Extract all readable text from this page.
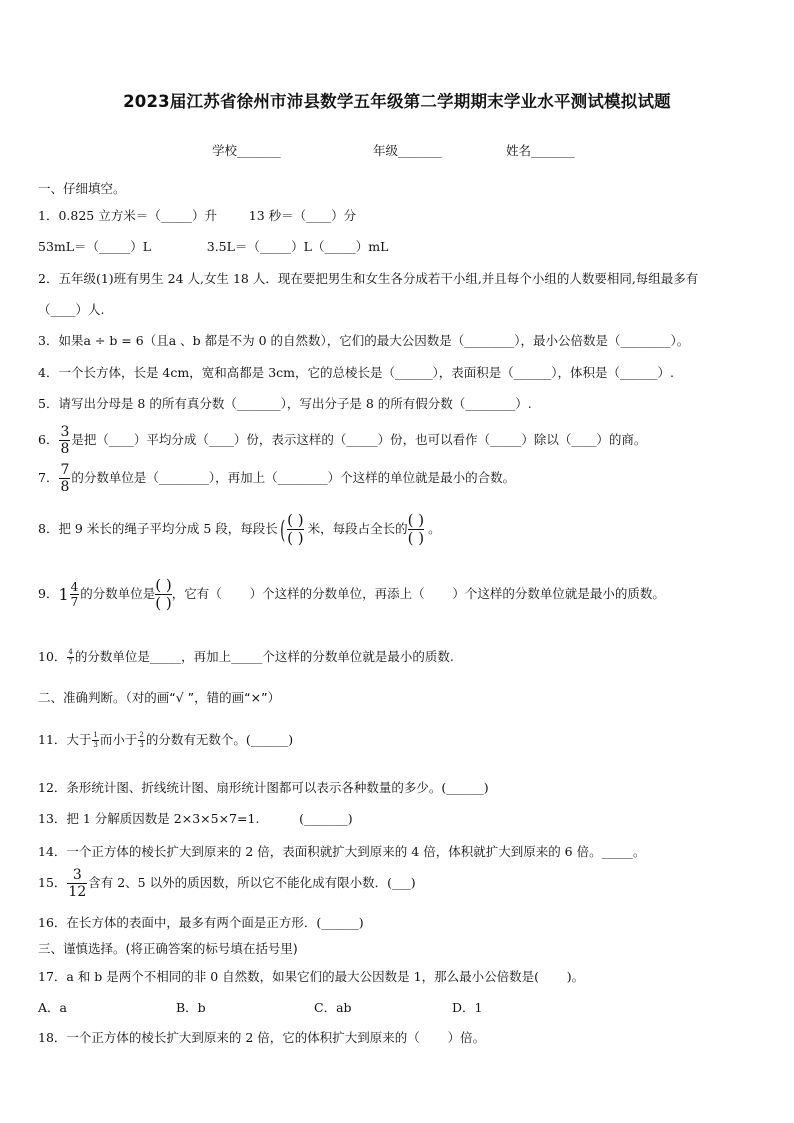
2023届江苏省徐州市沛县数学五年级第二学期期末学业水平测试模拟试题
学校_______	年级_______	姓名_______
一、仔细填空。
1．0.825 立方米＝（_____）升        13 秒＝（____）分
53mL＝（_____）L              3.5L＝（_____）L（_____）mL
2．五年级(1)班有男生 24 人,女生 18 人．现在要把男生和女生各分成若干小组,并且每个小组的人数要相同,每组最多有
（____）人.
3．如果a ÷ b = 6（且a 、b 都是不为 0 的自然数），它们的最大公因数是（________），最小公倍数是（________）。
4．一个长方体，长是 4cm，宽和高都是 3cm，它的总棱长是（______），表面积是（______），体积是（______）.
5．请写出分母是 8 的所有真分数（_______），写出分子是 8 的所有假分数（________）.
6． $\frac{3}{8}$ 是把（____）平均分成（____）份，表示这样的（_____）份，也可以看作（_____）除以（____）的商。
7． $\frac{7}{8}$ 的分数单位是（________），再加上（________）个这样的单位就是最小的合数。
8．把 9 米长的绳子平均分成 5 段，每段长( ( )
( )
米，每段占全长的 ( )
( )
。
9．$1 \frac{4}{7}$ 的分数单位是 ( )
( )
，它有（       ）个这样的分数单位，再添上（       ）个这样的分数单位就是最小的质数。
10． $\frac{4}{7}$ 的分数单位是_____，再加上_____个这样的分数单位就是最小的质数.
二、准确判断。（对的画“√ ”，错的画“×”）
11．大于 $\frac{1}{3}$ 而小于 $\frac{2}{3}$ 的分数有无数个。(______)
12．条形统计图、折线统计图、扇形统计图都可以表示各种数量的多少。(______)
13．把 1 分解质因数是 2×3×5×7=1.          (_______)
14．一个正方体的棱长扩大到原来的 2 倍，表面积就扩大到原来的 4 倍，体积就扩大到原来的 6 倍。_____。
15． $\frac{3}{12}$ 含有 2、5 以外的质因数，所以它不能化成有限小数．(___)
16．在长方体的表面中，最多有两个面是正方形．(______)
三、谨慎选择。(将正确答案的标号填在括号里)
17．a 和 b 是两个不相同的非 0 自然数，如果它们的最大公因数是 1，那么最小公倍数是(       )。
A．a	B．b	C．ab	D．1
18．一个正方体的棱长扩大到原来的 2 倍，它的体积扩大到原来的（       ）倍。
